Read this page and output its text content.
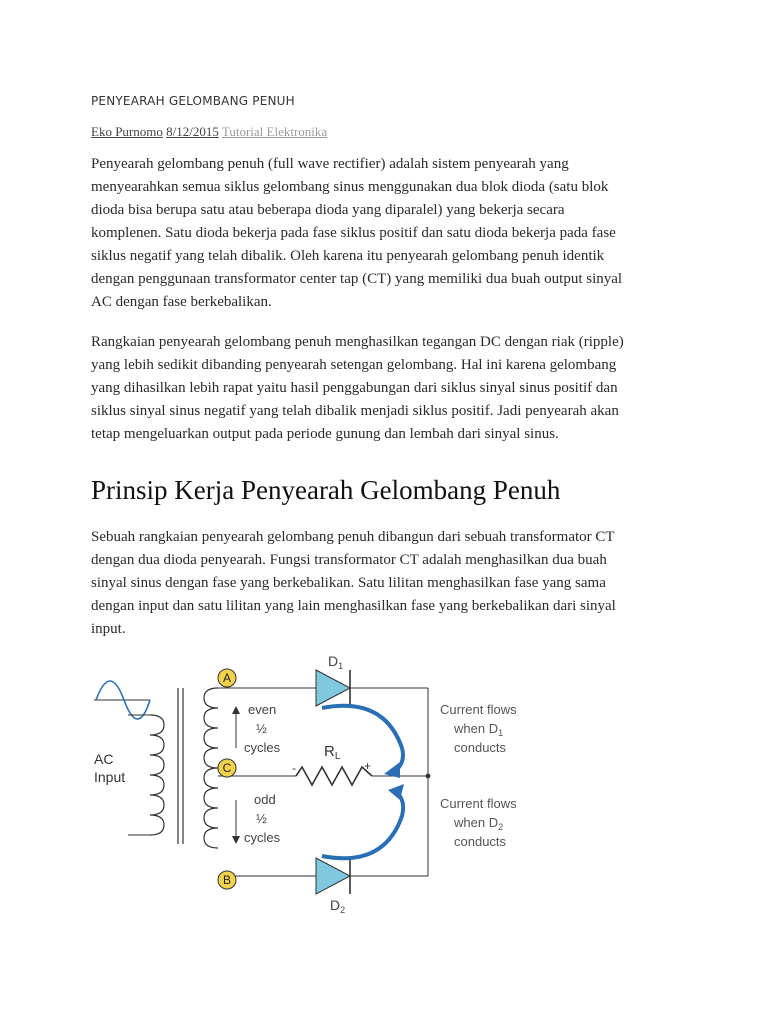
PENYEARAH GELOMBANG PENUH
Eko Purnomo 8/12/2015 Tutorial Elektronika

Penyearah gelombang penuh (full wave rectifier) adalah sistem penyearah yang
menyearahkan semua siklus gelombang sinus menggunakan dua blok dioda (satu blok
dioda bisa berupa satu atau beberapa dioda yang diparalel) yang bekerja secara
komplenen. Satu dioda bekerja pada fase siklus positif dan satu dioda bekerja pada fase
siklus negatif yang telah dibalik. Oleh karena itu penyearah gelombang penuh identik
dengan penggunaan transformator center tap (CT) yang memiliki dua buah output sinyal
AC dengan fase berkebalikan.

Rangkaian penyearah gelombang penuh menghasilkan tegangan DC dengan riak (ripple)
yang lebih sedikit dibanding penyearah setengan gelombang. Hal ini karena gelombang
yang dihasilkan lebih rapat yaitu hasil penggabungan dari siklus sinyal sinus positif dan
siklus sinyal sinus negatif yang telah dibalik menjadi siklus positif. Jadi penyearah akan
tetap mengeluarkan output pada periode gunung dan lembah dari sinyal sinus.

Prinsip Kerja Penyearah Gelombang Penuh

Sebuah rangkaian penyearah gelombang penuh dibangun dari sebuah transformator CT
dengan dua dioda penyearah. Fungsi transformator CT adalah menghasilkan dua buah
sinyal sinus dengan fase yang berkebalikan. Satu lilitan menghasilkan fase yang sama
dengan input dan satu lilitan yang lain menghasilkan fase yang berkebalikan dari sinyal
input.

A
C
B
AC
Input
even
½
cycles
odd
½
cycles
$D_1$
$D_2$
$R_L$
-	+
Current flows
when $D_1$
conducts
Current flows
when $D_2$
conducts
